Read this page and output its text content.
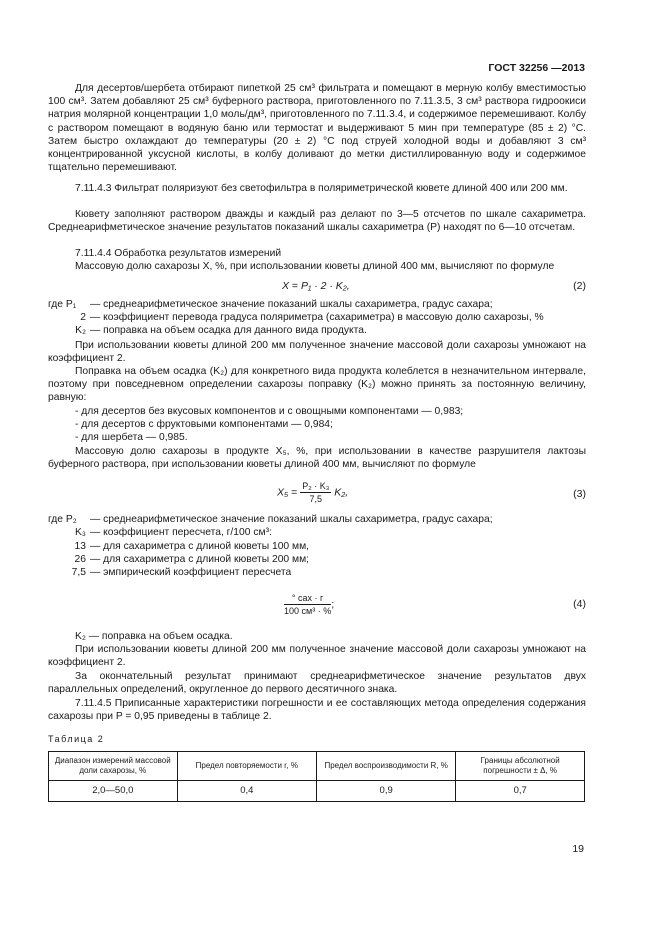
ГОСТ 32256 —2013
Для десертов/шербета отбирают пипеткой 25 см³ фильтрата и помещают в мерную колбу вместимостью 100 см³. Затем добавляют 25 см³ буферного раствора, приготовленного по 7.11.3.5, 3 см³ раствора гидроокиси натрия молярной концентрации 1,0 моль/дм³, приготовленного по 7.11.3.4, и содержимое перемешивают. Колбу с раствором помещают в водяную баню или термостат и выдерживают 5 мин при температуре (85 ± 2) °С. Затем быстро охлаждают до температуры (20 ± 2) °С под струей холодной воды и добавляют 3 см³ концентрированной уксусной кислоты, в колбу доливают до метки дистиллированную воду и содержимое тщательно перемешивают.
7.11.4.3 Фильтрат поляризуют без светофильтра в поляриметрической кювете длиной 400 или 200 мм.
Кювету заполняют раствором дважды и каждый раз делают по 3—5 отсчетов по шкале сахариметра. Среднеарифметическое значение результатов показаний шкалы сахариметра (P) находят по 6—10 отсчетам.
7.11.4.4 Обработка результатов измерений
Массовую долю сахарозы X, %, при использовании кюветы длиной 400 мм, вычисляют по формуле
X = P₁ · 2 · K₂,	(2)
где P₁ — среднеарифметическое значение показаний шкалы сахариметра, градус сахара;
2 — коэффициент перевода градуса поляриметра (сахариметра) в массовую долю сахарозы, %
K₂ — поправка на объем осадка для данного вида продукта.
При использовании кюветы длиной 200 мм полученное значение массовой доли сахарозы умножают на коэффициент 2.
Поправка на объем осадка (K₂) для конкретного вида продукта колеблется в незначительном интервале, поэтому при повседневном определении сахарозы поправку (K₂) можно принять за постоянную величину, равную:
- для десертов без вкусовых компонентов и с овощными компонентами — 0,983;
- для десертов с фруктовыми компонентами — 0,984;
- для шербета — 0,985.
Массовую долю сахарозы в продукте X₅, %, при использовании в качестве разрушителя лактозы буферного раствора, при использовании кюветы длиной 400 мм, вычисляют по формуле
$X_5 = \frac{\text{P₂ · K₃}}{7,5} K_2$,	(3)
где P₂ — среднеарифметическое значение показаний шкалы сахариметра, градус сахара;
K₃ — коэффициент пересчета, г/100 см³:
13 — для сахариметра с длиной кюветы 100 мм,
26 — для сахариметра с длиной кюветы 200 мм;
7,5 — эмпирический коэффициент пересчета
$\frac{\text{° сах · г}}{\text{100 см³ · \%}}$ ;	(4)
K₂ — поправка на объем осадка.
При использовании кюветы длиной 200 мм полученное значение массовой доли сахарозы умножают на коэффициент 2.
За окончательный результат принимают среднеарифметическое значение результатов двух параллельных определений, округленное до первого десятичного знака.
7.11.4.5 Приписанные характеристики погрешности и ее составляющих метода определения содержания сахарозы при P = 0,95 приведены в таблице 2.
Таблица 2
Диапазон измерений массовой доли сахарозы, %	Предел повторяемости r, %	Предел воспроизводимости R, %	Границы абсолютной погрешности ± Δ, %
2,0—50,0	0,4	0,9	0,7
19
